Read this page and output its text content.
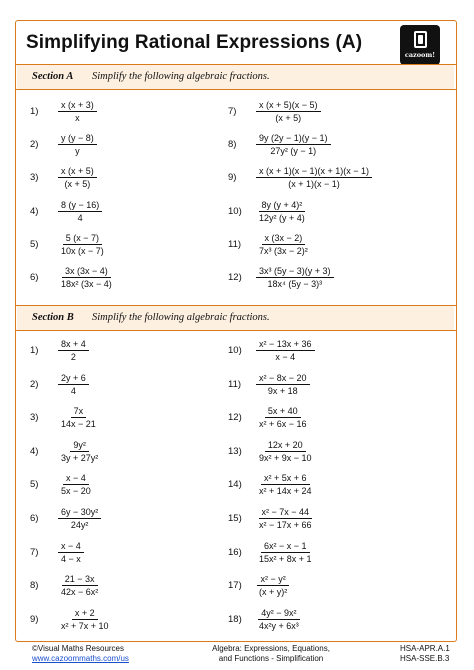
Simplifying Rational Expressions (A)
cazoom!
Section A Simplify the following algebraic fractions.
Section B Simplify the following algebraic fractions.
1)	$\frac{x (x + 3)}{x}$
2)	$\frac{y (y - 8)}{y}$
3)	$\frac{x (x + 5)}{(x + 5)}$
4)	$\frac{8 (y - 16)}{4}$
5)	$\frac{5 (x - 7)}{10x (x - 7)}$
6)	$\frac{3x (3x - 4)}{\text{18x² (3x − 4)}}$
7)	$\frac{x (x + 5)(x - 5)}{(x + 5)}$
8)	$\frac{9y (2y - 1)(y - 1)}{\text{27y² (y − 1)}}$
9)	$\frac{x (x + 1)(x - 1)(x + 1)(x - 1)}{(x + 1)(x - 1)}$
10)	$\frac{\text{8y (y + 4)²}}{\text{12y² (y + 4)}}$
11)	$\frac{x (3x - 2)}{\text{7x³ (3x − 2)²}}$
12)	$\frac{\text{3x³ (5y − 3)(y + 3)}}{\text{18x⁴ (5y − 3)³}}$
1)	$\frac{8x + 4}{2}$
2)	$\frac{2y + 6}{4}$
3)	$\frac{7x}{14x - 21}$
4)	$\frac{\text{9y²}}{\text{3y + 27y²}}$
5)	$\frac{x - 4}{5x - 20}$
6)	$\frac{\text{6y − 30y²}}{\text{24y²}}$
7)	$\frac{x - 4}{4 - x}$
8)	$\frac{21 - 3x}{\text{42x − 6x²}}$
9)	$\frac{x + 2}{\text{x² + 7x + 10}}$
10)	$\frac{\text{x² − 13x + 36}}{x - 4}$
11)	$\frac{\text{x² − 8x − 20}}{9x + 18}$
12)	$\frac{5x + 40}{\text{x² + 6x − 16}}$
13)	$\frac{12x + 20}{\text{9x² + 9x − 10}}$
14)	$\frac{\text{x² + 5x + 6}}{\text{x² + 14x + 24}}$
15)	$\frac{\text{x² − 7x − 44}}{\text{x² − 17x + 66}}$
16)	$\frac{\text{6x² − x − 1}}{\text{15x² + 8x + 1}}$
17)	$\frac{\text{x² − y²}}{\text{(x + y)²}}$
18)	$\frac{\text{4y² − 9x²}}{\text{4x²y + 6x³}}$
©Visual Maths Resources
www.cazoommaths.com/us
Algebra: Expressions, Equations,
and Functions - Simplification
HSA-APR.A.1
HSA-SSE.B.3
